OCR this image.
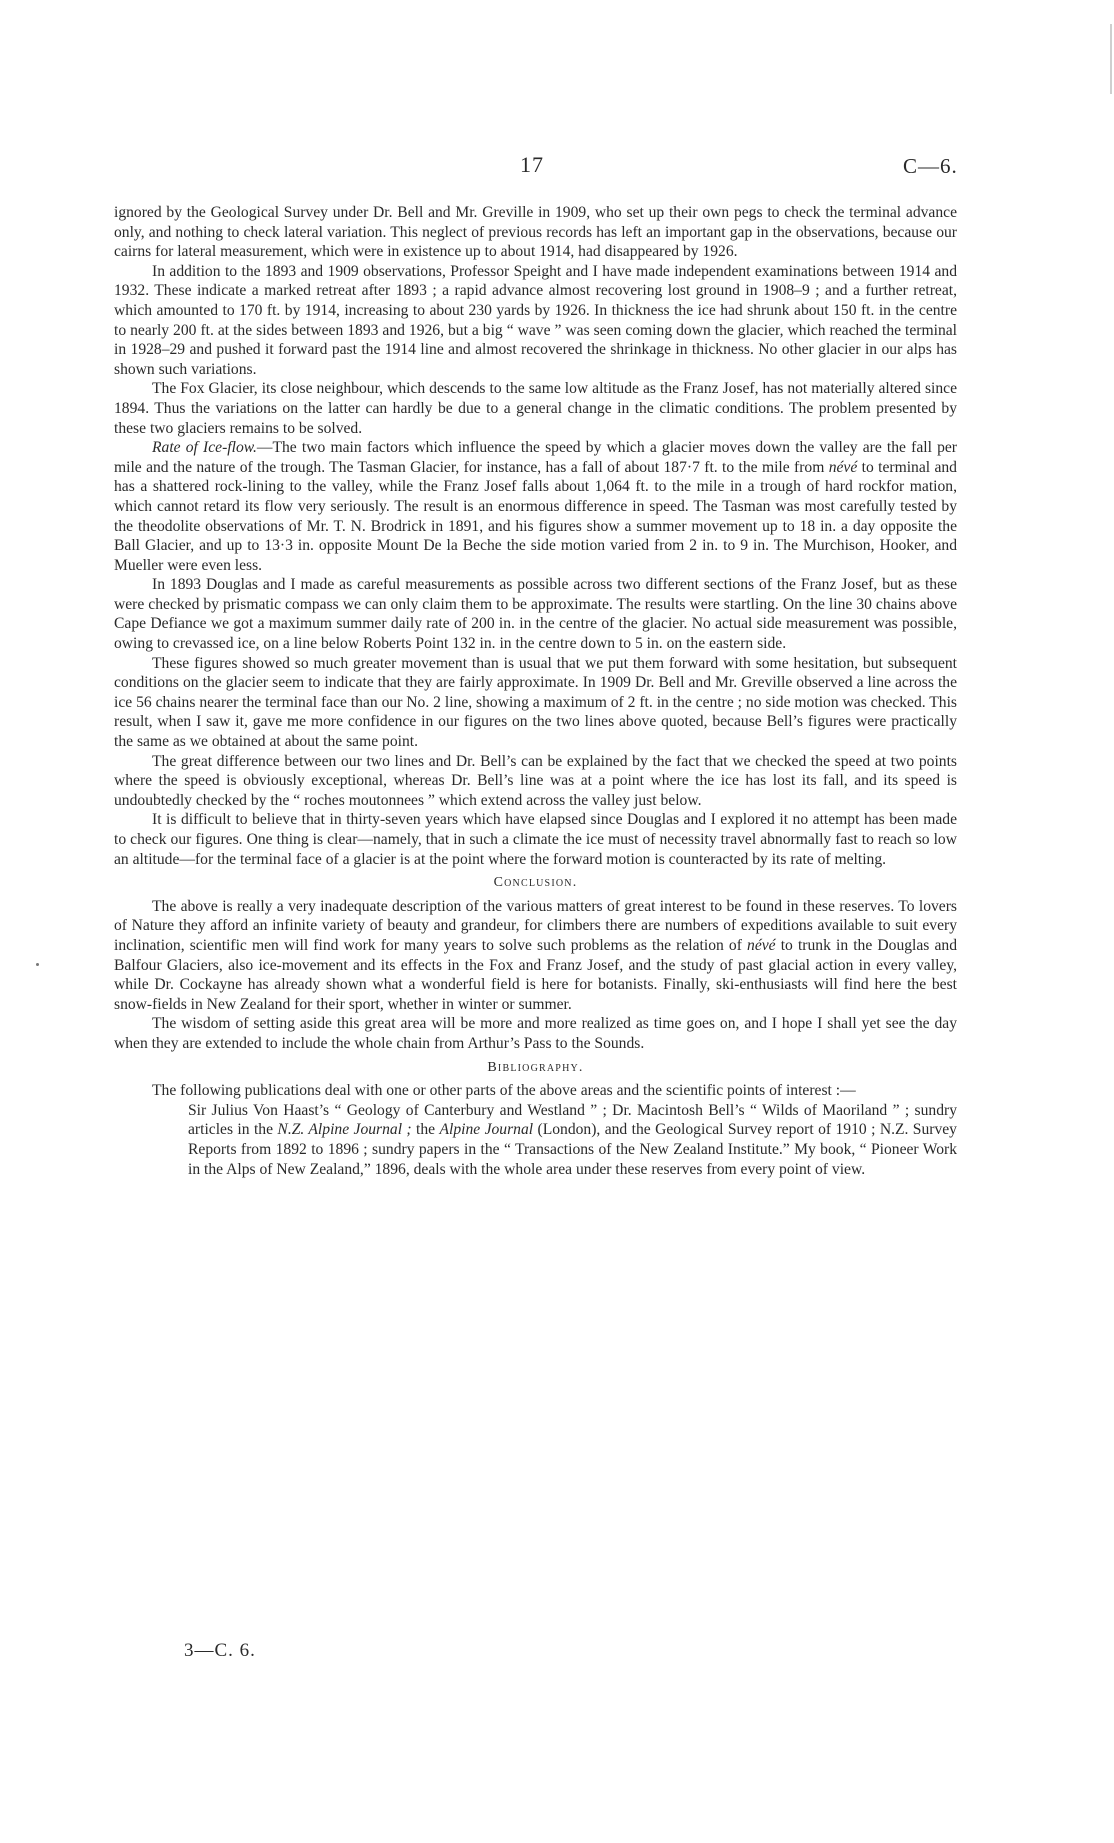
17	C—6.

ignored by the Geological Survey under Dr. Bell and Mr. Greville in 1909, who set up their own pegs to check the terminal advance only, and nothing to check lateral variation. This neglect of previous records has left an important gap in the observations, because our cairns for lateral measurement, which were in existence up to about 1914, had disappeared by 1926.

In addition to the 1893 and 1909 observations, Professor Speight and I have made independent examinations between 1914 and 1932. These indicate a marked retreat after 1893 ; a rapid advance almost recovering lost ground in 1908–9 ; and a further retreat, which amounted to 170 ft. by 1914, increasing to about 230 yards by 1926. In thickness the ice had shrunk about 150 ft. in the centre to nearly 200 ft. at the sides between 1893 and 1926, but a big “ wave ” was seen coming down the glacier, which reached the terminal in 1928–29 and pushed it forward past the 1914 line and almost recovered the shrinkage in thickness. No other glacier in our alps has shown such variations.

The Fox Glacier, its close neighbour, which descends to the same low altitude as the Franz Josef, has not materially altered since 1894. Thus the variations on the latter can hardly be due to a general change in the climatic conditions. The problem presented by these two glaciers remains to be solved.

Rate of Ice-flow.—The two main factors which influence the speed by which a glacier moves down the valley are the fall per mile and the nature of the trough. The Tasman Glacier, for instance, has a fall of about 187·7 ft. to the mile from névé to terminal and has a shattered rock-lining to the valley, while the Franz Josef falls about 1,064 ft. to the mile in a trough of hard rockfor mation, which cannot retard its flow very seriously. The result is an enormous difference in speed. The Tasman was most carefully tested by the theodolite observations of Mr. T. N. Brodrick in 1891, and his figures show a summer movement up to 18 in. a day opposite the Ball Glacier, and up to 13·3 in. opposite Mount De la Beche the side motion varied from 2 in. to 9 in. The Murchison, Hooker, and Mueller were even less.

In 1893 Douglas and I made as careful measurements as possible across two different sections of the Franz Josef, but as these were checked by prismatic compass we can only claim them to be approximate. The results were startling. On the line 30 chains above Cape Defiance we got a maximum summer daily rate of 200 in. in the centre of the glacier. No actual side measurement was possible, owing to crevassed ice, on a line below Roberts Point 132 in. in the centre down to 5 in. on the eastern side.

These figures showed so much greater movement than is usual that we put them forward with some hesitation, but subsequent conditions on the glacier seem to indicate that they are fairly approximate. In 1909 Dr. Bell and Mr. Greville observed a line across the ice 56 chains nearer the terminal face than our No. 2 line, showing a maximum of 2 ft. in the centre ; no side motion was checked. This result, when I saw it, gave me more confidence in our figures on the two lines above quoted, because Bell’s figures were practically the same as we obtained at about the same point.

The great difference between our two lines and Dr. Bell’s can be explained by the fact that we checked the speed at two points where the speed is obviously exceptional, whereas Dr. Bell’s line was at a point where the ice has lost its fall, and its speed is undoubtedly checked by the “ roches moutonnees ” which extend across the valley just below.

It is difficult to believe that in thirty-seven years which have elapsed since Douglas and I explored it no attempt has been made to check our figures. One thing is clear—namely, that in such a climate the ice must of necessity travel abnormally fast to reach so low an altitude—for the terminal face of a glacier is at the point where the forward motion is counteracted by its rate of melting.

Conclusion.

The above is really a very inadequate description of the various matters of great interest to be found in these reserves. To lovers of Nature they afford an infinite variety of beauty and grandeur, for climbers there are numbers of expeditions available to suit every inclination, scientific men will find work for many years to solve such problems as the relation of névé to trunk in the Douglas and Balfour Glaciers, also ice-movement and its effects in the Fox and Franz Josef, and the study of past glacial action in every valley, while Dr. Cockayne has already shown what a wonderful field is here for botanists. Finally, ski-enthusiasts will find here the best snow-fields in New Zealand for their sport, whether in winter or summer.

The wisdom of setting aside this great area will be more and more realized as time goes on, and I hope I shall yet see the day when they are extended to include the whole chain from Arthur’s Pass to the Sounds.

Bibliography.

The following publications deal with one or other parts of the above areas and the scientific points of interest :—

Sir Julius Von Haast’s “ Geology of Canterbury and Westland ” ; Dr. Macintosh Bell’s “ Wilds of Maoriland ” ; sundry articles in the N.Z. Alpine Journal ; the Alpine Journal (London), and the Geological Survey report of 1910 ; N.Z. Survey Reports from 1892 to 1896 ; sundry papers in the “ Transactions of the New Zealand Institute.” My book, “ Pioneer Work in the Alps of New Zealand,” 1896, deals with the whole area under these reserves from every point of view.

3—C. 6.
